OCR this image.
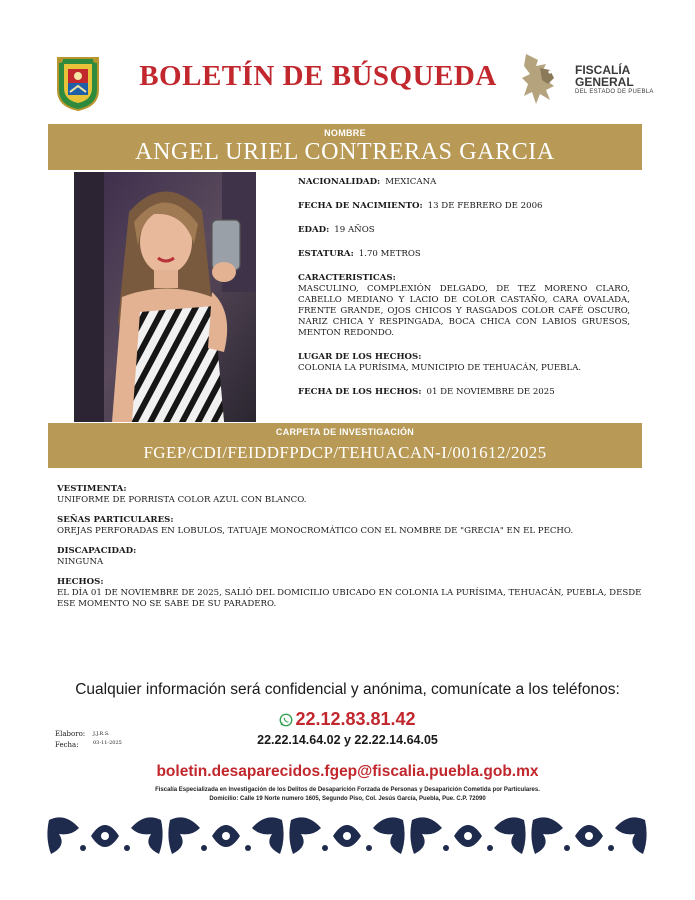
BOLETÍN DE BÚSQUEDA	FISCALÍA
GENERAL
DEL ESTADO DE PUEBLA
NOMBRE
ANGEL URIEL CONTRERAS GARCIA
NACIONALIDAD: MEXICANA
FECHA DE NACIMIENTO: 13 DE FEBRERO DE 2006
EDAD: 19 AÑOS
ESTATURA: 1.70 METROS
CARACTERISTICAS:
MASCULINO, COMPLEXIÓN DELGADO, DE TEZ MORENO CLARO, CABELLO MEDIANO Y LACIO DE COLOR CASTAÑO, CARA OVALADA, FRENTE GRANDE, OJOS CHICOS Y RASGADOS COLOR CAFÉ OSCURO, NARIZ CHICA Y RESPINGADA, BOCA CHICA CON LABIOS GRUESOS, MENTON REDONDO.
LUGAR DE LOS HECHOS:
COLONIA LA PURÍSIMA, MUNICIPIO DE TEHUACÁN, PUEBLA.
FECHA DE LOS HECHOS: 01 DE NOVIEMBRE DE 2025
CARPETA DE INVESTIGACIÓN
FGEP/CDI/FEIDDFPDCP/TEHUACAN-I/001612/2025
VESTIMENTA:
UNIFORME DE PORRISTA COLOR AZUL CON BLANCO.
SEÑAS PARTICULARES:
OREJAS PERFORADAS EN LOBULOS, TATUAJE MONOCROMÁTICO CON EL NOMBRE DE "GRECIA" EN EL PECHO.
DISCAPACIDAD:
NINGUNA
HECHOS:
EL DÍA 01 DE NOVIEMBRE DE 2025, SALIÓ DEL DOMICILIO UBICADO EN COLONIA LA PURÍSIMA, TEHUACÁN, PUEBLA, DESDE ESE MOMENTO NO SE SABE DE SU PARADERO.
Cualquier información será confidencial y anónima, comunícate a los teléfonos:
Elaboro: J.J.R.S.
Fecha:	03-11-2025
22.12.83.81.42
22.22.14.64.02 y 22.22.14.64.05
boletin.desaparecidos.fgep@fiscalia.puebla.gob.mx
Fiscalía Especializada en Investigación de los Delitos de Desaparición Forzada de Personas y Desaparición Cometida por Particulares.
Domicilio: Calle 19 Norte numero 1605, Segundo Piso, Col. Jesús García, Puebla, Pue. C.P. 72090
